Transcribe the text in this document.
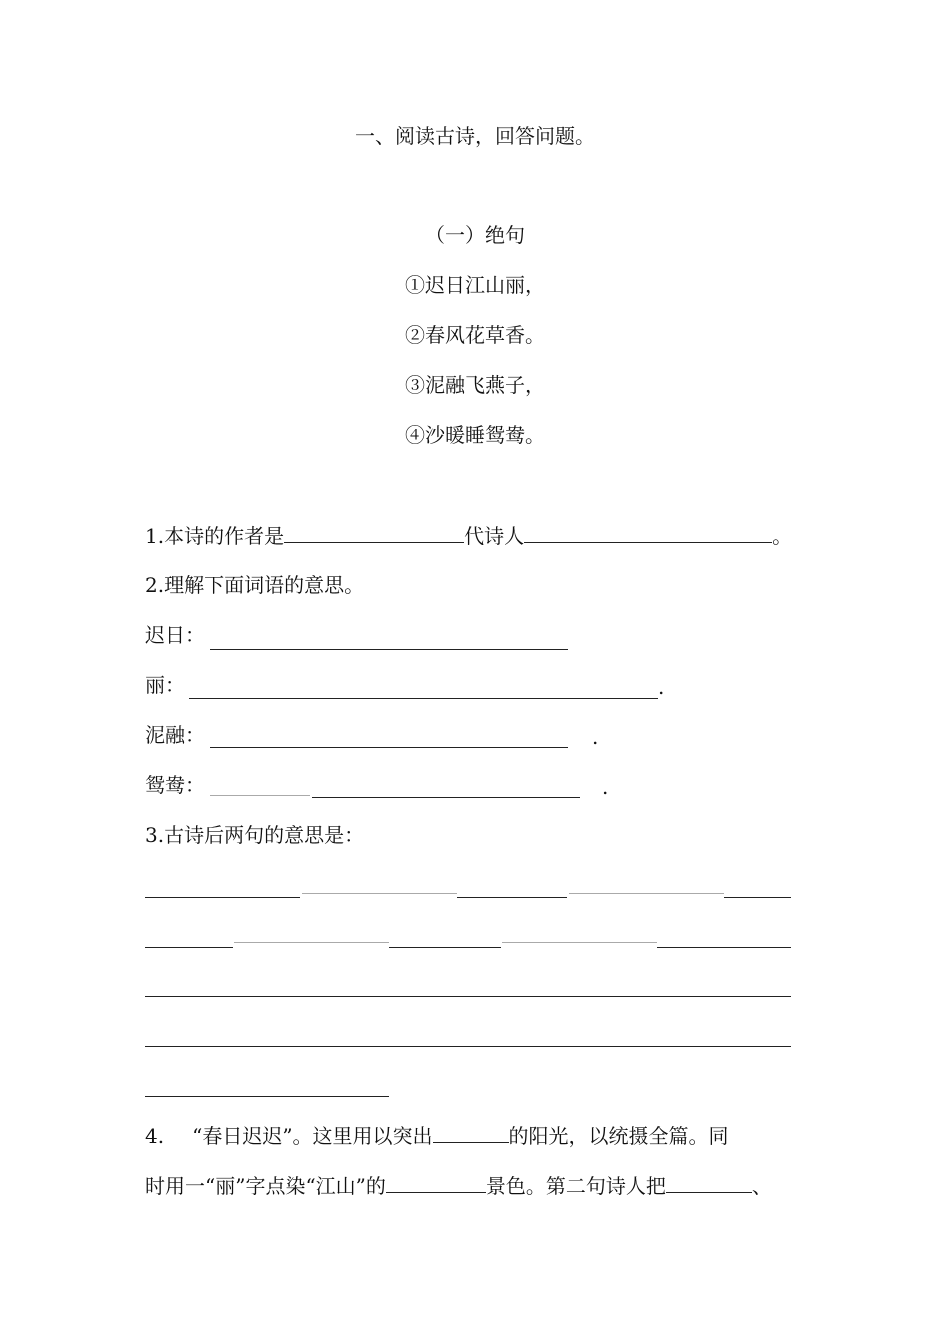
一、阅读古诗，回答问题。
（一）绝句
①迟日江山丽，
②春风花草香。
③泥融飞燕子，
④沙暖睡鸳鸯。
1.本诗的作者是	代诗人	。
2.理解下面词语的意思。
迟日：
丽：	.
泥融：	.
鸳鸯：	.
3.古诗后两句的意思是：
4. “春日迟迟”。这里用以突出	的阳光，以统摄全篇。同
时用一“丽”字点染“江山”的	景色。第二句诗人把	、
